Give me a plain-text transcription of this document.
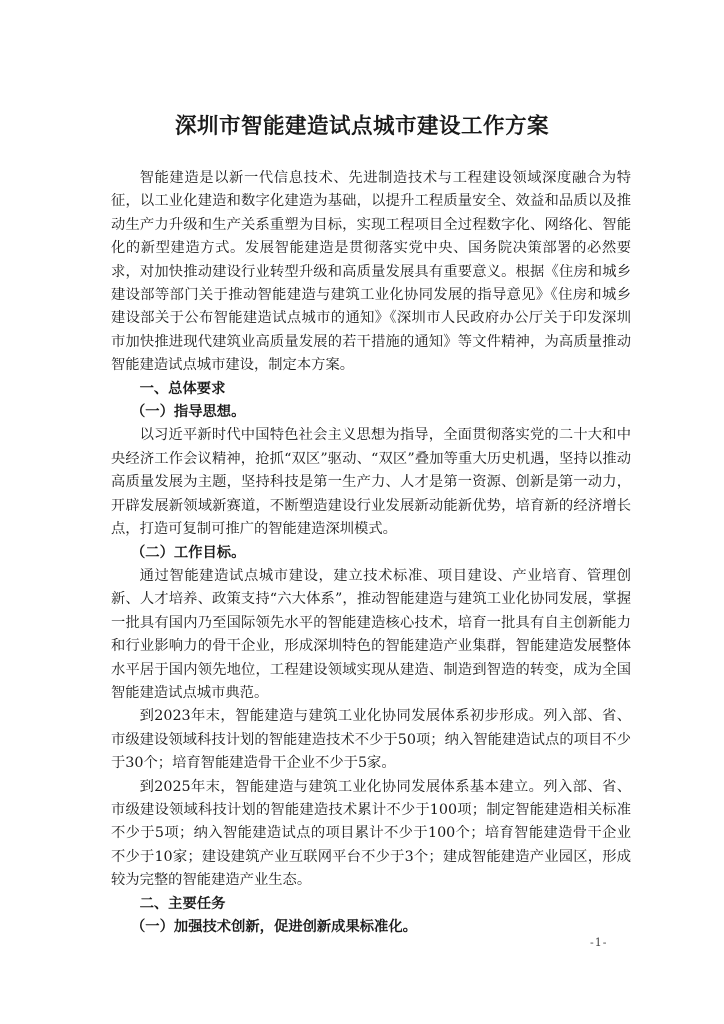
深圳市智能建造试点城市建设工作方案

智能建造是以新一代信息技术、先进制造技术与工程建设领域深度融合为特征，以工业化建造和数字化建造为基础，以提升工程质量安全、效益和品质以及推动生产力升级和生产关系重塑为目标，实现工程项目全过程数字化、网络化、智能化的新型建造方式。发展智能建造是贯彻落实党中央、国务院决策部署的必然要求，对加快推动建设行业转型升级和高质量发展具有重要意义。根据《住房和城乡建设部等部门关于推动智能建造与建筑工业化协同发展的指导意见》《住房和城乡建设部关于公布智能建造试点城市的通知》《深圳市人民政府办公厅关于印发深圳市加快推进现代建筑业高质量发展的若干措施的通知》等文件精神，为高质量推动智能建造试点城市建设，制定本方案。

一、总体要求

（一）指导思想。

以习近平新时代中国特色社会主义思想为指导，全面贯彻落实党的二十大和中央经济工作会议精神，抢抓“双区”驱动、“双区”叠加等重大历史机遇，坚持以推动高质量发展为主题，坚持科技是第一生产力、人才是第一资源、创新是第一动力，开辟发展新领域新赛道，不断塑造建设行业发展新动能新优势，培育新的经济增长点，打造可复制可推广的智能建造深圳模式。

（二）工作目标。

通过智能建造试点城市建设，建立技术标准、项目建设、产业培育、管理创新、人才培养、政策支持“六大体系”，推动智能建造与建筑工业化协同发展，掌握一批具有国内乃至国际领先水平的智能建造核心技术，培育一批具有自主创新能力和行业影响力的骨干企业，形成深圳特色的智能建造产业集群，智能建造发展整体水平居于国内领先地位，工程建设领域实现从建造、制造到智造的转变，成为全国智能建造试点城市典范。

到2023年末，智能建造与建筑工业化协同发展体系初步形成。列入部、省、市级建设领域科技计划的智能建造技术不少于50项；纳入智能建造试点的项目不少于30个；培育智能建造骨干企业不少于5家。

到2025年末，智能建造与建筑工业化协同发展体系基本建立。列入部、省、市级建设领域科技计划的智能建造技术累计不少于100项；制定智能建造相关标准不少于5项；纳入智能建造试点的项目累计不少于100个；培育智能建造骨干企业不少于10家；建设建筑产业互联网平台不少于3个；建成智能建造产业园区，形成较为完整的智能建造产业生态。

二、主要任务

（一）加强技术创新，促进创新成果标准化。

-1-
